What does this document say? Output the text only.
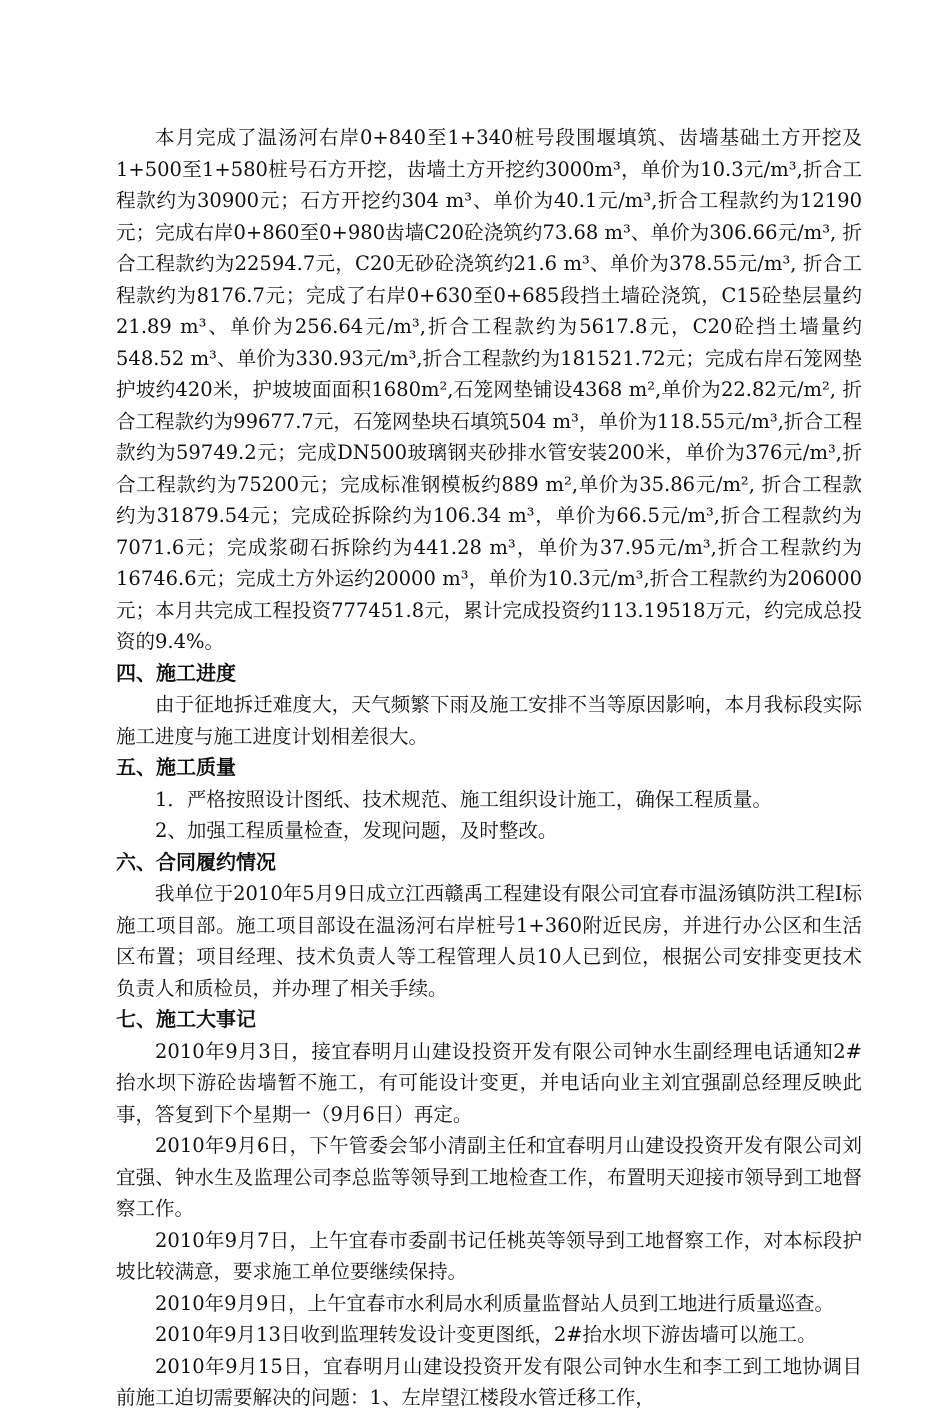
本月完成了温汤河右岸0+840至1+340桩号段围堰填筑、齿墙基础土方开挖及1+500至1+580桩号石方开挖，齿墙土方开挖约3000m³，单价为10.3元/m³,折合工程款约为30900元；石方开挖约304 m³、单价为40.1元/m³,折合工程款约为12190元；完成右岸0+860至0+980齿墙C20砼浇筑约73.68 m³、单价为306.66元/m³, 折合工程款约为22594.7元，C20无砂砼浇筑约21.6 m³、单价为378.55元/m³, 折合工程款约为8176.7元；完成了右岸0+630至0+685段挡土墙砼浇筑，C15砼垫层量约21.89 m³、单价为256.64元/m³,折合工程款约为5617.8元，C20砼挡土墙量约548.52 m³、单价为330.93元/m³,折合工程款约为181521.72元；完成右岸石笼网垫护坡约420米，护坡坡面面积1680m²,石笼网垫铺设4368 m²,单价为22.82元/m², 折合工程款约为99677.7元，石笼网垫块石填筑504 m³，单价为118.55元/m³,折合工程款约为59749.2元；完成DN500玻璃钢夹砂排水管安装200米，单价为376元/m³,折合工程款约为75200元；完成标准钢模板约889 m²,单价为35.86元/m², 折合工程款约为31879.54元；完成砼拆除约为106.34 m³，单价为66.5元/m³,折合工程款约为7071.6元；完成浆砌石拆除约为441.28 m³，单价为37.95元/m³,折合工程款约为16746.6元；完成土方外运约20000 m³，单价为10.3元/m³,折合工程款约为206000元；本月共完成工程投资777451.8元，累计完成投资约113.19518万元，约完成总投资的9.4%。

四、施工进度

由于征地拆迁难度大，天气频繁下雨及施工安排不当等原因影响，本月我标段实际施工进度与施工进度计划相差很大。

五、施工质量

1．严格按照设计图纸、技术规范、施工组织设计施工，确保工程质量。

2、加强工程质量检查，发现问题，及时整改。

六、合同履约情况

我单位于2010年5月9日成立江西赣禹工程建设有限公司宜春市温汤镇防洪工程Ⅰ标施工项目部。施工项目部设在温汤河右岸桩号1+360附近民房，并进行办公区和生活区布置；项目经理、技术负责人等工程管理人员10人已到位，根据公司安排变更技术负责人和质检员，并办理了相关手续。

七、施工大事记

2010年9月3日，接宜春明月山建设投资开发有限公司钟水生副经理电话通知2#抬水坝下游砼齿墙暂不施工，有可能设计变更，并电话向业主刘宜强副总经理反映此事，答复到下个星期一（9月6日）再定。

2010年9月6日，下午管委会邹小清副主任和宜春明月山建设投资开发有限公司刘宜强、钟水生及监理公司李总监等领导到工地检查工作，布置明天迎接市领导到工地督察工作。

2010年9月7日，上午宜春市委副书记任桃英等领导到工地督察工作，对本标段护坡比较满意，要求施工单位要继续保持。

2010年9月9日，上午宜春市水利局水利质量监督站人员到工地进行质量巡查。

2010年9月13日收到监理转发设计变更图纸，2#抬水坝下游齿墙可以施工。

2010年9月15日，宜春明月山建设投资开发有限公司钟水生和李工到工地协调目前施工迫切需要解决的问题：1、左岸望江楼段水管迁移工作，
